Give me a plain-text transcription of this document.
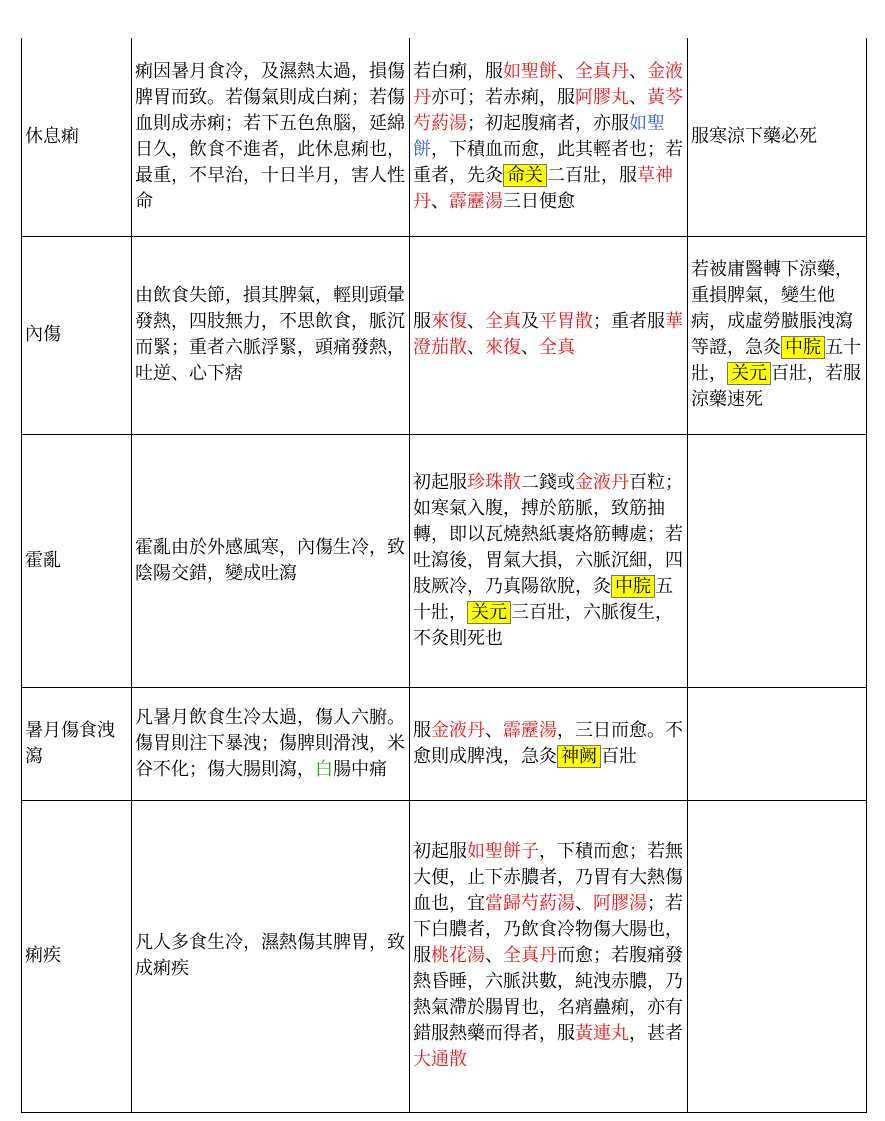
休息痢	痢因暑月食冷，及濕熱太過，損傷脾胃而致。若傷氣則成白痢；若傷血則成赤痢；若下五色魚腦，延綿日久，飲食不進者，此休息痢也，最重，不早治，十日半月，害人性命	若白痢，服如聖餅、全真丹、金液丹亦可；若赤痢，服阿膠丸、黃芩芍葯湯；初起腹痛者，亦服如聖餅，下積血而愈，此其輕者也；若重者，先灸 命关 二百壯，服草神丹、霹靂湯三日便愈	服寒涼下藥必死
內傷	由飲食失節，損其脾氣，輕則頭暈發熱，四肢無力，不思飲食，脈沉而緊；重者六脈浮緊，頭痛發熱，吐逆、心下痞	服來復、全真及平胃散；重者服華澄茄散、來復、全真	若被庸醫轉下涼藥，重損脾氣，變生他病，成虛勞臌脹洩瀉等證，急灸 中脘 五十壯， 关元 百壯，若服涼藥速死
霍亂	霍亂由於外感風寒，內傷生冷，致陰陽交錯，變成吐瀉	初起服珍珠散二錢或金液丹百粒；如寒氣入腹，搏於筋脈，致筋抽轉，即以瓦燒熱紙裹烙筋轉處；若吐瀉後，胃氣大損，六脈沉細，四肢厥冷，乃真陽欲脫，灸 中脘 五十壯， 关元 三百壯，六脈復生，不灸則死也	
暑月傷食洩瀉	凡暑月飲食生冷太過，傷人六腑。傷胃則注下暴洩；傷脾則滑洩，米谷不化；傷大腸則瀉，白腸中痛	服金液丹、霹靂湯，三日而愈。不愈則成脾洩，急灸 神阙 百壯	
痢疾	凡人多食生冷，濕熱傷其脾胃，致成痢疾	初起服如聖餅子，下積而愈；若無大便，止下赤膿者，乃胃有大熱傷血也，宜當歸芍葯湯、阿膠湯；若下白膿者，乃飲食冷物傷大腸也，服桃花湯、全真丹而愈；若腹痛發熱昏睡，六脈洪數，純洩赤膿，乃熱氣滯於腸胃也，名痟蠱痢，亦有錯服熱藥而得者，服黃連丸，甚者大通散	
